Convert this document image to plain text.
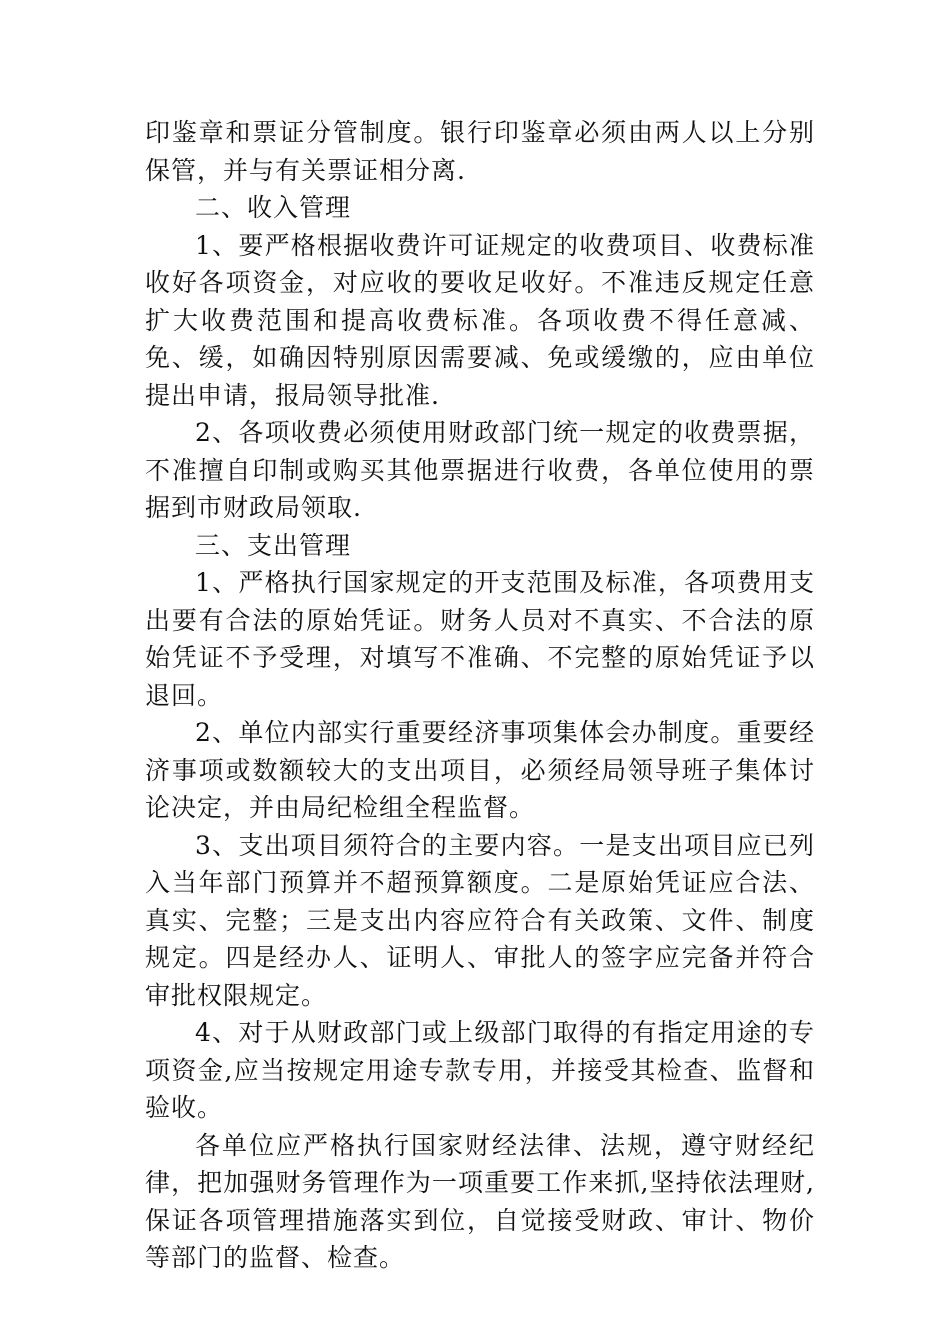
印鉴章和票证分管制度。银行印鉴章必须由两人以上分别保管，并与有关票证相分离.

二、收入管理

1、要严格根据收费许可证规定的收费项目、收费标准收好各项资金，对应收的要收足收好。不准违反规定任意扩大收费范围和提高收费标准。各项收费不得任意减、免、缓，如确因特别原因需要减、免或缓缴的，应由单位提出申请，报局领导批准.

2、各项收费必须使用财政部门统一规定的收费票据，不准擅自印制或购买其他票据进行收费，各单位使用的票据到市财政局领取.

三、支出管理

1、严格执行国家规定的开支范围及标准，各项费用支出要有合法的原始凭证。财务人员对不真实、不合法的原始凭证不予受理，对填写不准确、不完整的原始凭证予以退回。

2、单位内部实行重要经济事项集体会办制度。重要经济事项或数额较大的支出项目，必须经局领导班子集体讨论决定，并由局纪检组全程监督。

3、支出项目须符合的主要内容。一是支出项目应已列入当年部门预算并不超预算额度。二是原始凭证应合法、真实、完整；三是支出内容应符合有关政策、文件、制度规定。四是经办人、证明人、审批人的签字应完备并符合审批权限规定。

4、对于从财政部门或上级部门取得的有指定用途的专项资金,应当按规定用途专款专用，并接受其检查、监督和验收。

各单位应严格执行国家财经法律、法规，遵守财经纪律，把加强财务管理作为一项重要工作来抓,坚持依法理财,保证各项管理措施落实到位，自觉接受财政、审计、物价等部门的监督、检查。
